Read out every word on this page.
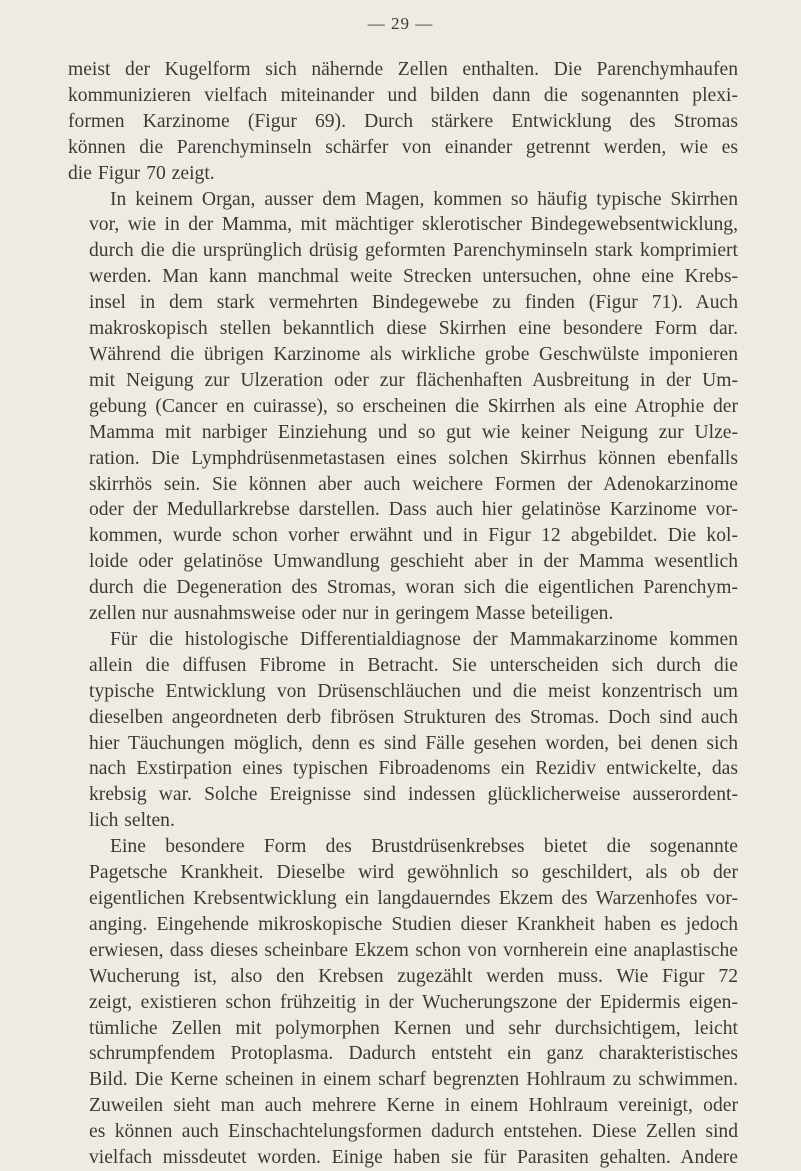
— 29 —
meist der Kugelform sich nähernde Zellen enthalten. Die Parenchymhaufen
kommunizieren vielfach miteinander und bilden dann die sogenannten plexi-
formen Karzinome (Figur 69). Durch stärkere Entwicklung des Stromas
können die Parenchyminseln schärfer von einander getrennt werden, wie es
die Figur 70 zeigt.
In keinem Organ, ausser dem Magen, kommen so häufig typische Skirrhen
vor, wie in der Mamma, mit mächtiger sklerotischer Bindegewebsentwicklung,
durch die die ursprünglich drüsig geformten Parenchyminseln stark komprimiert
werden. Man kann manchmal weite Strecken untersuchen, ohne eine Krebs-
insel in dem stark vermehrten Bindegewebe zu finden (Figur 71). Auch
makroskopisch stellen bekanntlich diese Skirrhen eine besondere Form dar.
Während die übrigen Karzinome als wirkliche grobe Geschwülste imponieren
mit Neigung zur Ulzeration oder zur flächenhaften Ausbreitung in der Um-
gebung (Cancer en cuirasse), so erscheinen die Skirrhen als eine Atrophie der
Mamma mit narbiger Einziehung und so gut wie keiner Neigung zur Ulze-
ration. Die Lymphdrüsenmetastasen eines solchen Skirrhus können ebenfalls
skirrhös sein. Sie können aber auch weichere Formen der Adenokarzinome
oder der Medullarkrebse darstellen. Dass auch hier gelatinöse Karzinome vor-
kommen, wurde schon vorher erwähnt und in Figur 12 abgebildet. Die kol-
loide oder gelatinöse Umwandlung geschieht aber in der Mamma wesentlich
durch die Degeneration des Stromas, woran sich die eigentlichen Parenchym-
zellen nur ausnahmsweise oder nur in geringem Masse beteiligen.
Für die histologische Differentialdiagnose der Mammakarzinome kommen
allein die diffusen Fibrome in Betracht. Sie unterscheiden sich durch die
typische Entwicklung von Drüsenschläuchen und die meist konzentrisch um
dieselben angeordneten derb fibrösen Strukturen des Stromas. Doch sind auch
hier Täuchungen möglich, denn es sind Fälle gesehen worden, bei denen sich
nach Exstirpation eines typischen Fibroadenoms ein Rezidiv entwickelte, das
krebsig war. Solche Ereignisse sind indessen glücklicherweise ausserordent-
lich selten.
Eine besondere Form des Brustdrüsenkrebses bietet die sogenannte
Pagetsche Krankheit. Dieselbe wird gewöhnlich so geschildert, als ob der
eigentlichen Krebsentwicklung ein langdauerndes Ekzem des Warzenhofes vor-
anging. Eingehende mikroskopische Studien dieser Krankheit haben es jedoch
erwiesen, dass dieses scheinbare Ekzem schon von vornherein eine anaplastische
Wucherung ist, also den Krebsen zugezählt werden muss. Wie Figur 72
zeigt, existieren schon frühzeitig in der Wucherungszone der Epidermis eigen-
tümliche Zellen mit polymorphen Kernen und sehr durchsichtigem, leicht
schrumpfendem Protoplasma. Dadurch entsteht ein ganz charakteristisches
Bild. Die Kerne scheinen in einem scharf begrenzten Hohlraum zu schwimmen.
Zuweilen sieht man auch mehrere Kerne in einem Hohlraum vereinigt, oder
es können auch Einschachtelungsformen dadurch entstehen. Diese Zellen sind
vielfach missdeutet worden. Einige haben sie für Parasiten gehalten. Andere
